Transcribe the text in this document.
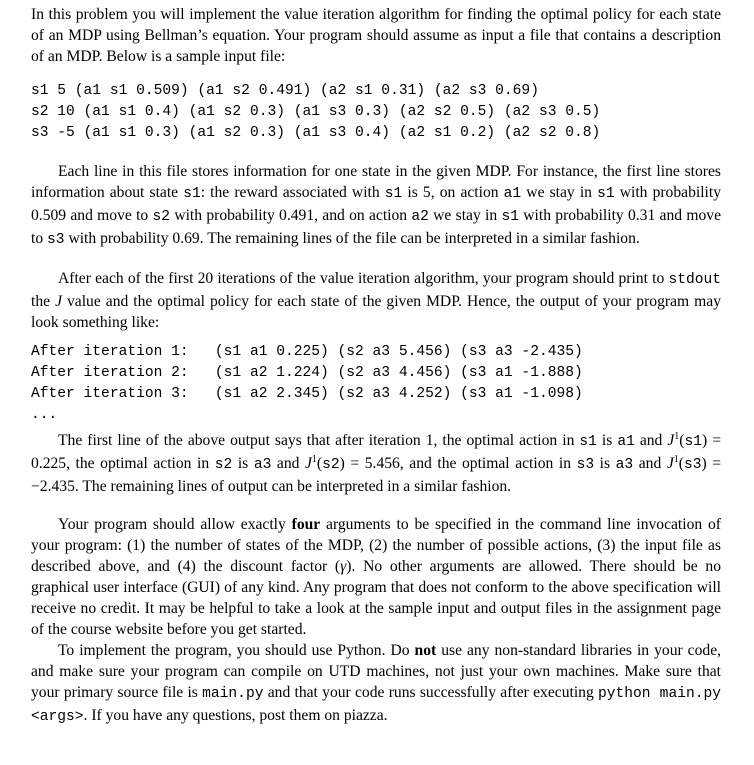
In this problem you will implement the value iteration algorithm for finding the optimal policy for each state of an MDP using Bellman’s equation. Your program should assume as input a file that contains a description of an MDP. Below is a sample input file:

s1 5 (a1 s1 0.509) (a1 s2 0.491) (a2 s1 0.31) (a2 s3 0.69)
s2 10 (a1 s1 0.4) (a1 s2 0.3) (a1 s3 0.3) (a2 s2 0.5) (a2 s3 0.5)
s3 -5 (a1 s1 0.3) (a1 s2 0.3) (a1 s3 0.4) (a2 s1 0.2) (a2 s2 0.8)

Each line in this file stores information for one state in the given MDP. For instance, the first line stores information about state s1: the reward associated with s1 is 5, on action a1 we stay in s1 with probability 0.509 and move to s2 with probability 0.491, and on action a2 we stay in s1 with probability 0.31 and move to s3 with probability 0.69. The remaining lines of the file can be interpreted in a similar fashion.

After each of the first 20 iterations of the value iteration algorithm, your program should print to stdout the J value and the optimal policy for each state of the given MDP. Hence, the output of your program may look something like:

After iteration 1:   (s1 a1 0.225) (s2 a3 5.456) (s3 a3 -2.435)
After iteration 2:   (s1 a2 1.224) (s2 a3 4.456) (s3 a1 -1.888)
After iteration 3:   (s1 a2 2.345) (s2 a3 4.252) (s3 a1 -1.098)
...

The first line of the above output says that after iteration 1, the optimal action in s1 is a1 and $J^1(s1) = 0.225$, the optimal action in s2 is a3 and $J^1(s2) = 5.456$, and the optimal action in s3 is a3 and $J^1(s3) = -2.435$. The remaining lines of output can be interpreted in a similar fashion.

Your program should allow exactly four arguments to be specified in the command line invocation of your program: (1) the number of states of the MDP, (2) the number of possible actions, (3) the input file as described above, and (4) the discount factor (γ). No other arguments are allowed. There should be no graphical user interface (GUI) of any kind. Any program that does not conform to the above specification will receive no credit. It may be helpful to take a look at the sample input and output files in the assignment page of the course website before you get started.

To implement the program, you should use Python. Do not use any non-standard libraries in your code, and make sure your program can compile on UTD machines, not just your own machines. Make sure that your primary source file is main.py and that your code runs successfully after executing python main.py <args>. If you have any questions, post them on piazza.
